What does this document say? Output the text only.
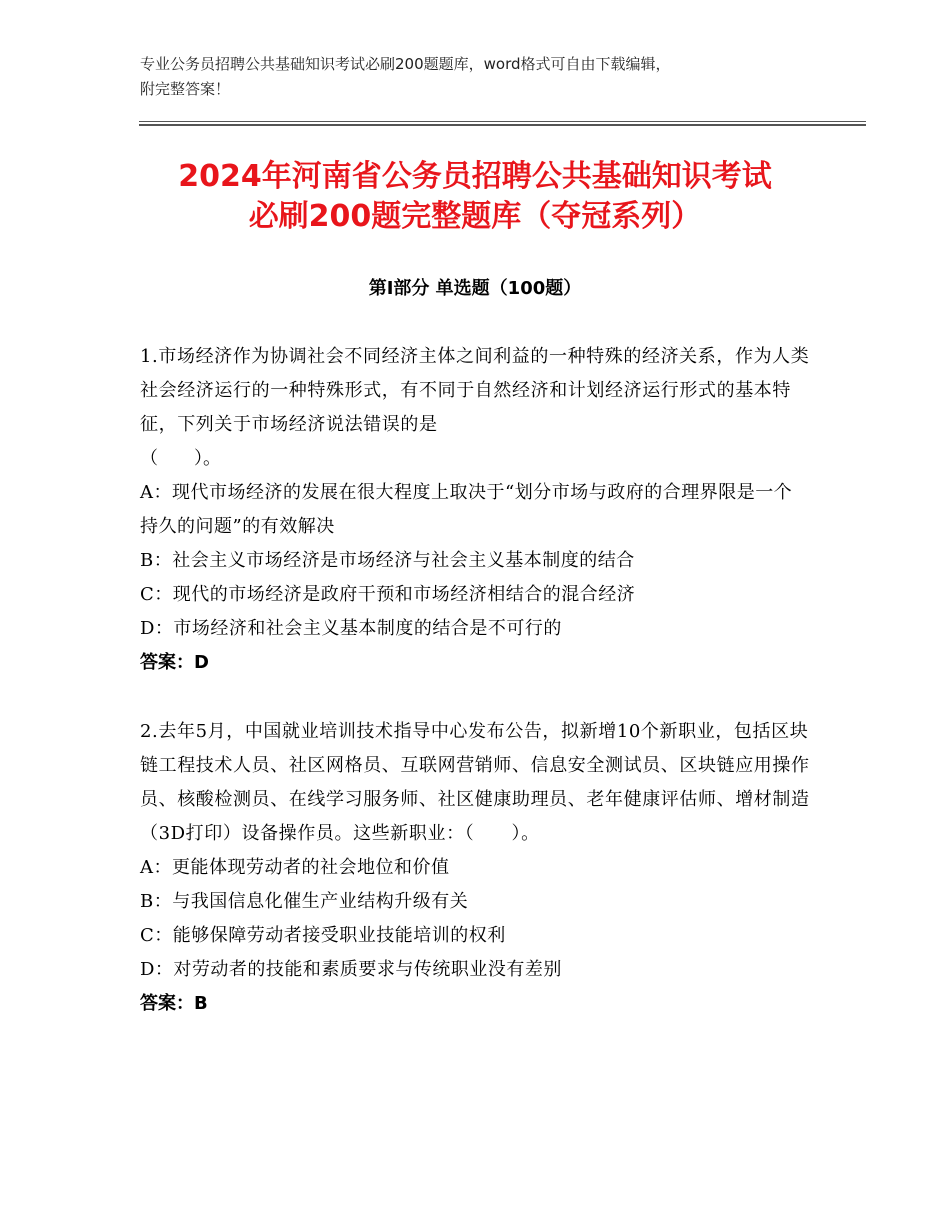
专业公务员招聘公共基础知识考试必刷200题题库，word格式可自由下载编辑，
附完整答案！
2024年河南省公务员招聘公共基础知识考试
必刷200题完整题库（夺冠系列）
第Ⅰ部分 单选题（100题）
1.市场经济作为协调社会不同经济主体之间利益的一种特殊的经济关系，作为人类社会经济运行的一种特殊形式，有不同于自然经济和计划经济运行形式的基本特征，下列关于市场经济说法错误的是
（　　）。
A：现代市场经济的发展在很大程度上取决于“划分市场与政府的合理界限是一个持久的问题”的有效解决
B：社会主义市场经济是市场经济与社会主义基本制度的结合
C：现代的市场经济是政府干预和市场经济相结合的混合经济
D：市场经济和社会主义基本制度的结合是不可行的
答案：D
2.去年5月，中国就业培训技术指导中心发布公告，拟新增10个新职业，包括区块链工程技术人员、社区网格员、互联网营销师、信息安全测试员、区块链应用操作员、核酸检测员、在线学习服务师、社区健康助理员、老年健康评估师、增材制造（3D打印）设备操作员。这些新职业：（　　）。
A：更能体现劳动者的社会地位和价值
B：与我国信息化催生产业结构升级有关
C：能够保障劳动者接受职业技能培训的权利
D：对劳动者的技能和素质要求与传统职业没有差别
答案：B
